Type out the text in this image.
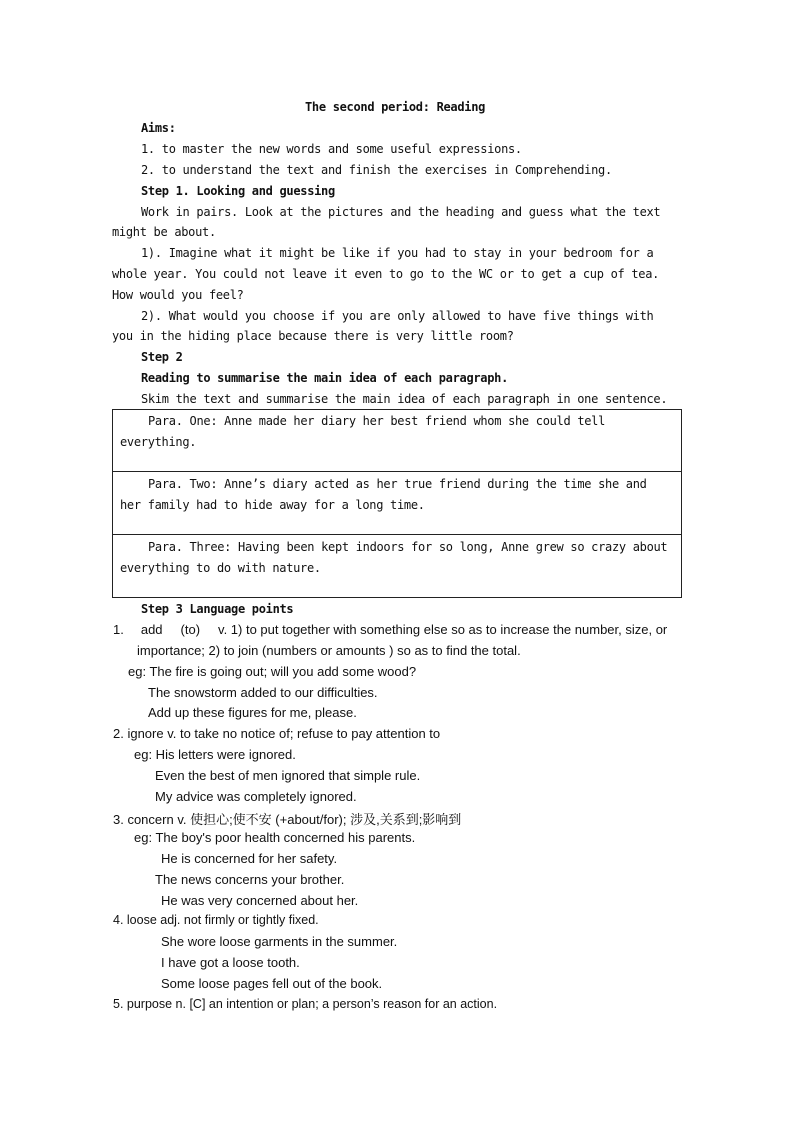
The second period: Reading
Aims:
1. to master the new words and some useful expressions.
2. to understand the text and finish the exercises in Comprehending.
Step 1. Looking and guessing
Work in pairs. Look at the pictures and the heading and guess what the text
might be about.
1). Imagine what it might be like if you had to stay in your bedroom for a
whole year. You could not leave it even to go to the WC or to get a cup of tea.
How would you feel?
2). What would you choose if you are only allowed to have five things with
you in the hiding place because there is very little room?
Step 2
Reading to summarise the main idea of each paragraph.
Skim the text and summarise the main idea of each paragraph in one sentence.
Para. One: Anne made her diary her best friend whom she could tell
everything.
Para. Two: Anne’s diary acted as her true friend during the time she and
her family had to hide away for a long time.
Para. Three: Having been kept indoors for so long, Anne grew so crazy about
everything to do with nature.
Step 3 Language points
1. add (to) v. 1) to put together with something else so as to increase the number, size, or
importance; 2) to join (numbers or amounts ) so as to find the total.
eg: The fire is going out; will you add some wood?
The snowstorm added to our difficulties.
Add up these figures for me, please.
2. ignore v. to take no notice of; refuse to pay attention to
eg: His letters were ignored.
Even the best of men ignored that simple rule.
My advice was completely ignored.
3. concern v. 使担心;使不安 (+about/for); 涉及,关系到;影响到
eg: The boy's poor health concerned his parents.
He is concerned for her safety.
The news concerns your brother.
He was very concerned about her.
4. loose adj. not firmly or tightly fixed.
She wore loose garments in the summer.
I have got a loose tooth.
Some loose pages fell out of the book.
5. purpose n. [C] an intention or plan; a person’s reason for an action.
